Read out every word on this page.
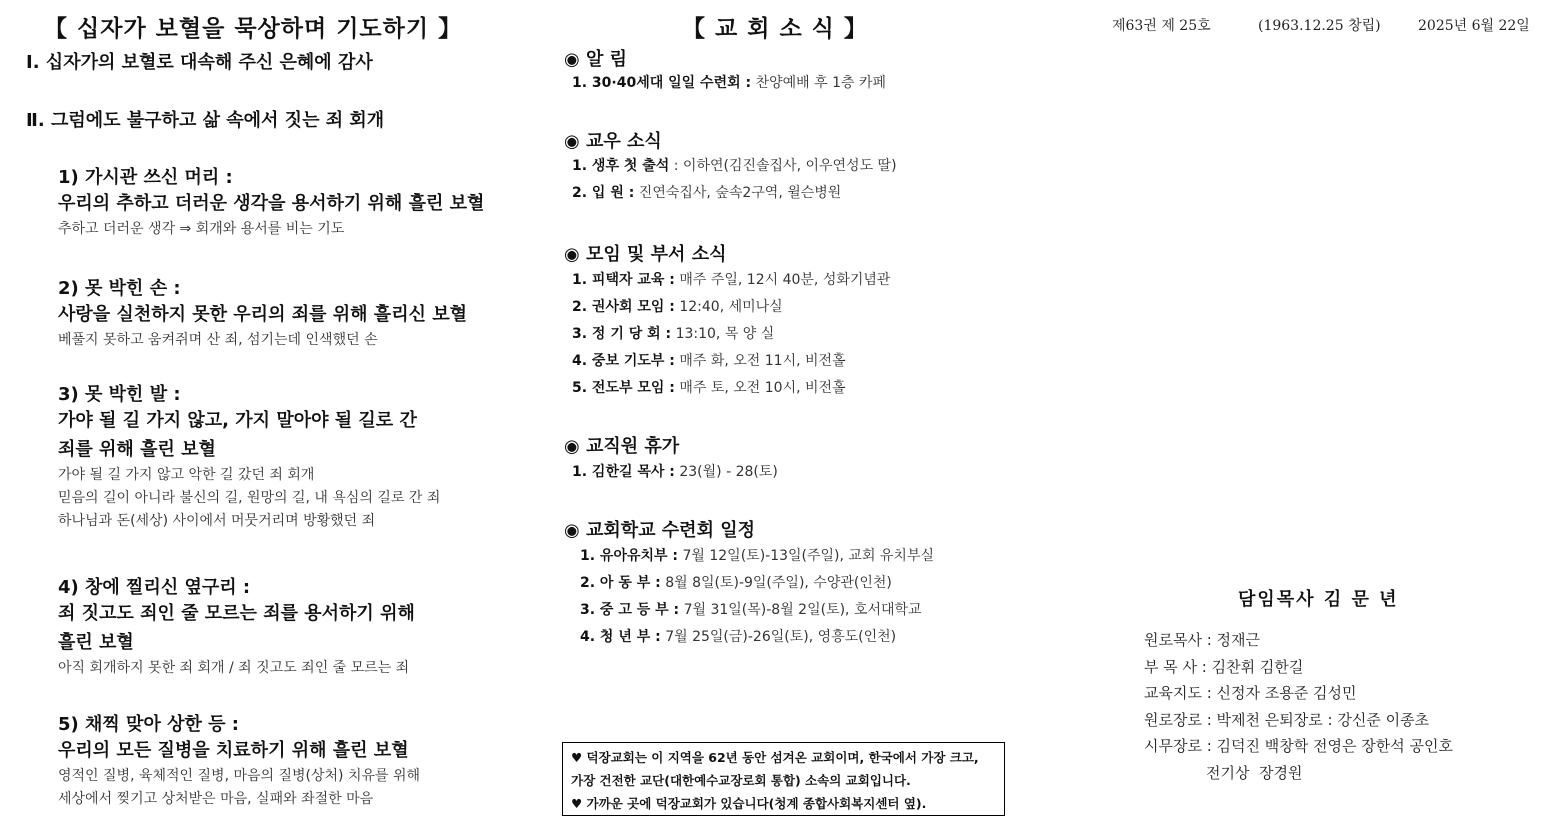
【 십자가 보혈을 묵상하며 기도하기 】
Ⅰ. 십자가의 보혈로 대속해 주신 은혜에 감사
Ⅱ. 그럼에도 불구하고 삶 속에서 짓는 죄 회개
1) 가시관 쓰신 머리 :
우리의 추하고 더러운 생각을 용서하기 위해 흘린 보혈
추하고 더러운 생각 ⇒ 회개와 용서를 비는 기도
2) 못 박힌 손 :
사랑을 실천하지 못한 우리의 죄를 위해 흘리신 보혈
베풀지 못하고 움켜쥐며 산 죄, 섬기는데 인색했던 손
3) 못 박힌 발 :
가야 될 길 가지 않고, 가지 말아야 될 길로 간
죄를 위해 흘린 보혈
가야 될 길 가지 않고 악한 길 갔던 죄 회개
믿음의 길이 아니라 불신의 길, 원망의 길, 내 욕심의 길로 간 죄
하나님과 돈(세상) 사이에서 머뭇거리며 방황했던 죄
4) 창에 찔리신 옆구리 :
죄 짓고도 죄인 줄 모르는 죄를 용서하기 위해
흘린 보혈
아직 회개하지 못한 죄 회개 / 죄 짓고도 죄인 줄 모르는 죄
5) 채찍 맞아 상한 등 :
우리의 모든 질병을 치료하기 위해 흘린 보혈
영적인 질병, 육체적인 질병, 마음의 질병(상처) 치유를 위해
세상에서 찢기고 상처받은 마음, 실패와 좌절한 마음
【 교 회 소 식 】
◉ 알 림
1. 30·40세대 일일 수련회 : 찬양예배 후 1층 카페
◉ 교우 소식
1. 생후 첫 출석 : 이하연(김진솔집사, 이우연성도 딸)
2. 입 원 : 진연숙집사, 숲속2구역, 윌슨병원
◉ 모임 및 부서 소식
1. 피택자 교육 : 매주 주일, 12시 40분, 성화기념관
2. 권사회 모임 : 12:40, 세미나실
3. 정 기 당 회 : 13:10, 목 양 실
4. 중보 기도부 : 매주 화, 오전 11시, 비전홀
5. 전도부 모임 : 매주 토, 오전 10시, 비전홀
◉ 교직원 휴가
1. 김한길 목사 : 23(월) - 28(토)
◉ 교회학교 수련회 일정
1. 유아유치부 : 7월 12일(토)-13일(주일), 교회 유치부실
2. 아 동 부 : 8월 8일(토)-9일(주일), 수양관(인천)
3. 중 고 등 부 : 7월 31일(목)-8월 2일(토), 호서대학교
4. 청 년 부 : 7월 25일(금)-26일(토), 영흥도(인천)
♥ 덕장교회는 이 지역을 62년 동안 섬겨온 교회이며, 한국에서 가장 크고,
가장 건전한 교단(대한예수교장로회 통합) 소속의 교회입니다.
♥ 가까운 곳에 덕장교회가 있습니다(청계 종합사회복지센터 옆).
제63권 제 25호	(1963.12.25 창립)	2025년 6월 22일
담임목사 김 문 년
원로목사 : 정재근
부 목 사 : 김찬휘 김한길
교육지도 : 신정자 조용준 김성민
원로장로 : 박제천 은퇴장로 : 강신준 이종초
시무장로 : 김덕진 백창학 전영은 장한석 공인호
전기상  장경원
